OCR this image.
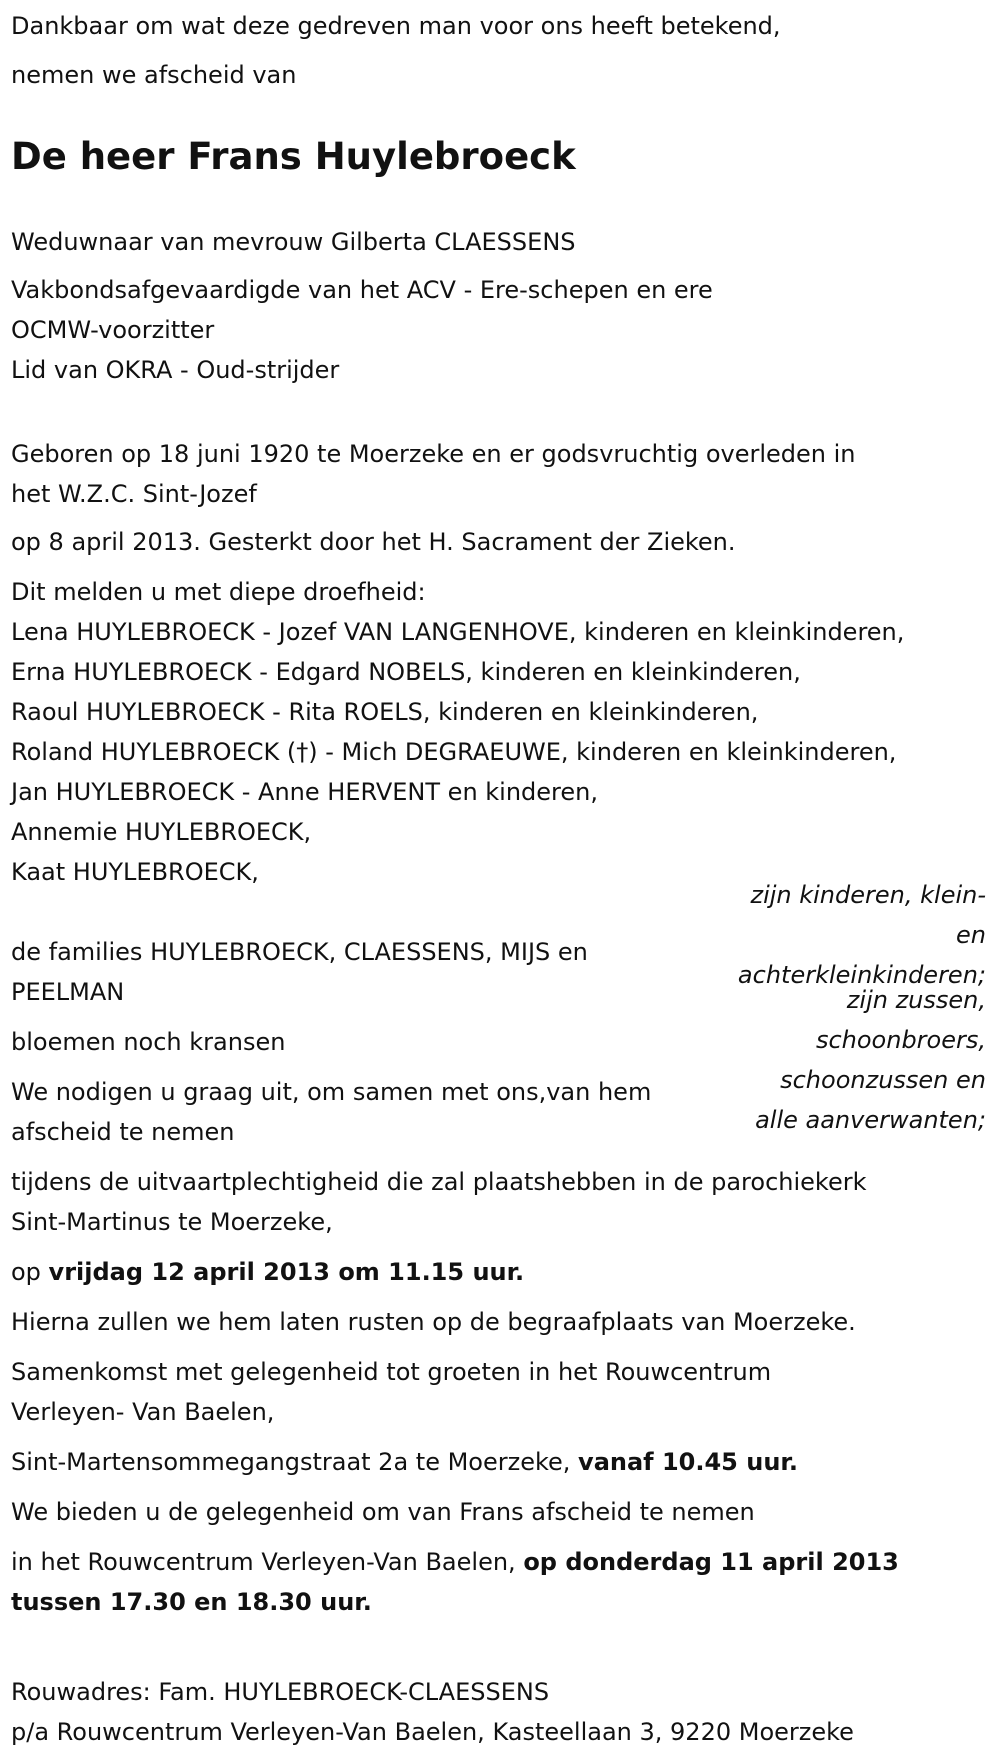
Dankbaar om wat deze gedreven man voor ons heeft betekend,
nemen we afscheid van
De heer Frans Huylebroeck
Weduwnaar van mevrouw Gilberta CLAESSENS
Vakbondsafgevaardigde van het ACV - Ere-schepen en ere
OCMW-voorzitter
Lid van OKRA - Oud-strijder
Geboren op 18 juni 1920 te Moerzeke en er godsvruchtig overleden in
het W.Z.C. Sint-Jozef
op 8 april 2013. Gesterkt door het H. Sacrament der Zieken.
Dit melden u met diepe droefheid:
Lena HUYLEBROECK - Jozef VAN LANGENHOVE, kinderen en kleinkinderen,
Erna HUYLEBROECK - Edgard NOBELS, kinderen en kleinkinderen,
Raoul HUYLEBROECK - Rita ROELS, kinderen en kleinkinderen,
Roland HUYLEBROECK (†) - Mich DEGRAEUWE, kinderen en kleinkinderen,
Jan HUYLEBROECK - Anne HERVENT en kinderen,
Annemie HUYLEBROECK,
Kaat HUYLEBROECK,
zijn kinderen, klein-
en
achterkleinkinderen;
zijn zussen,
schoonbroers,
schoonzussen en
alle aanverwanten;
de families HUYLEBROECK, CLAESSENS, MIJS en
PEELMAN
bloemen noch kransen
We nodigen u graag uit, om samen met ons,van hem
afscheid te nemen
tijdens de uitvaartplechtigheid die zal plaatshebben in de parochiekerk
Sint-Martinus te Moerzeke,
op vrijdag 12 april 2013 om 11.15 uur.
Hierna zullen we hem laten rusten op de begraafplaats van Moerzeke.
Samenkomst met gelegenheid tot groeten in het Rouwcentrum
Verleyen- Van Baelen,
Sint-Martensommegangstraat 2a te Moerzeke, vanaf 10.45 uur.
We bieden u de gelegenheid om van Frans afscheid te nemen
in het Rouwcentrum Verleyen-Van Baelen, op donderdag 11 april 2013
tussen 17.30 en 18.30 uur.
Rouwadres: Fam. HUYLEBROECK-CLAESSENS
p/a Rouwcentrum Verleyen-Van Baelen, Kasteellaan 3, 9220 Moerzeke
